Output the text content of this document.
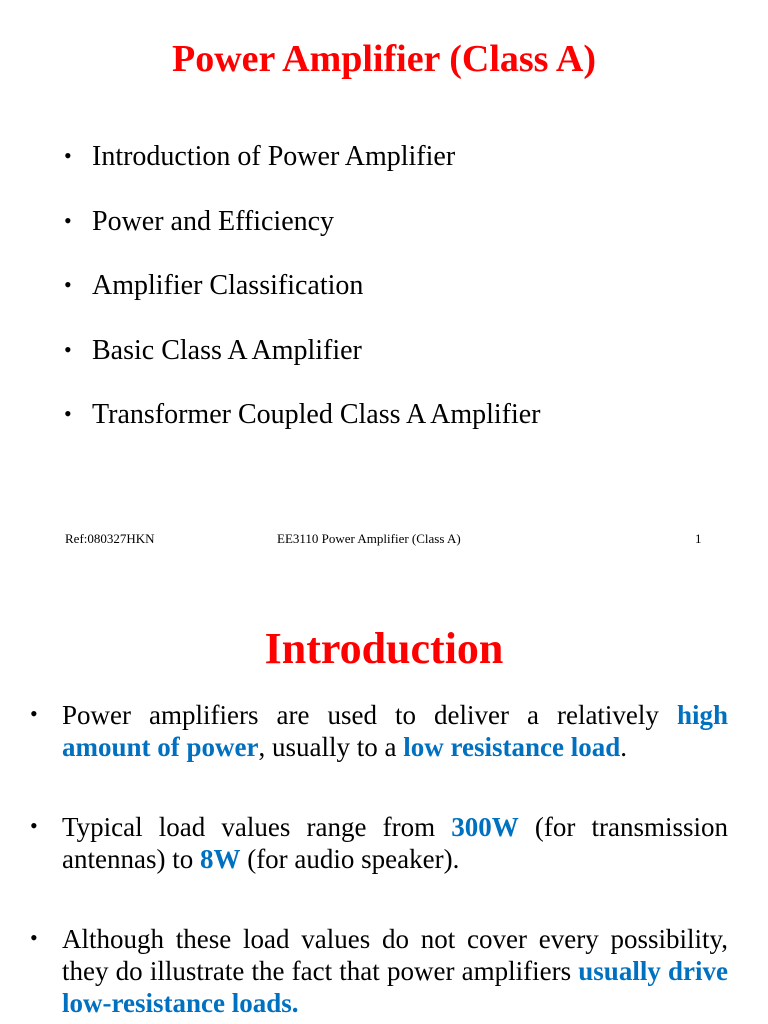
Power Amplifier (Class A)
• Introduction of Power Amplifier
• Power and Efficiency
• Amplifier Classification
• Basic Class A Amplifier
• Transformer Coupled Class A Amplifier
Ref:080327HKN	EE3110 Power Amplifier (Class A)	1
Introduction
• Power amplifiers are used to deliver a relatively high amount of power, usually to a low resistance load.
• Typical load values range from 300W (for transmission antennas) to 8W (for audio speaker).
• Although these load values do not cover every possibility, they do illustrate the fact that power amplifiers usually drive low-resistance loads.
